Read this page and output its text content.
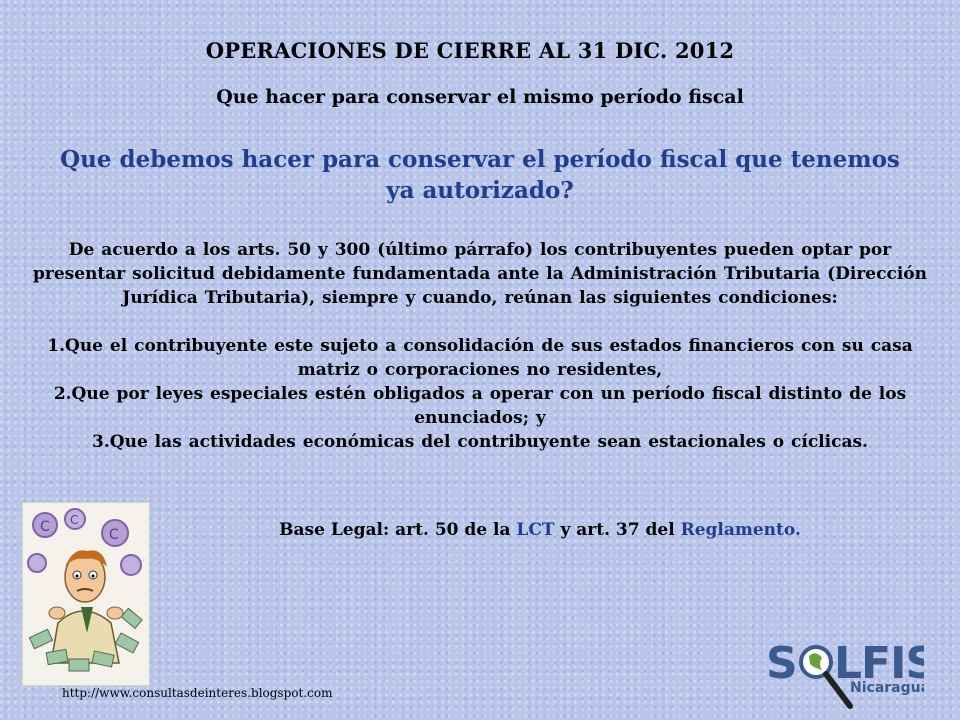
OPERACIONES DE CIERRE AL 31 DIC. 2012
Que hacer para conservar el mismo período fiscal
Que debemos hacer para conservar el período fiscal que tenemos ya autorizado?

De acuerdo a los arts. 50 y 300 (último párrafo) los contribuyentes pueden optar por presentar solicitud debidamente fundamentada ante la Administración Tributaria (Dirección Jurídica Tributaria), siempre y cuando, reúnan las siguientes condiciones:

1.Que el contribuyente este sujeto a consolidación de sus estados financieros con su casa matriz o corporaciones no residentes,

2.Que por leyes especiales estén obligados a operar con un período fiscal distinto de los enunciados; y

3.Que las actividades económicas del contribuyente sean estacionales o cíclicas.

Base Legal: art. 50 de la LCT y art. 37 del Reglamento.
C C
C
http://www.consultasdeinteres.blogspot.com
S LFIS
Nicaragua
